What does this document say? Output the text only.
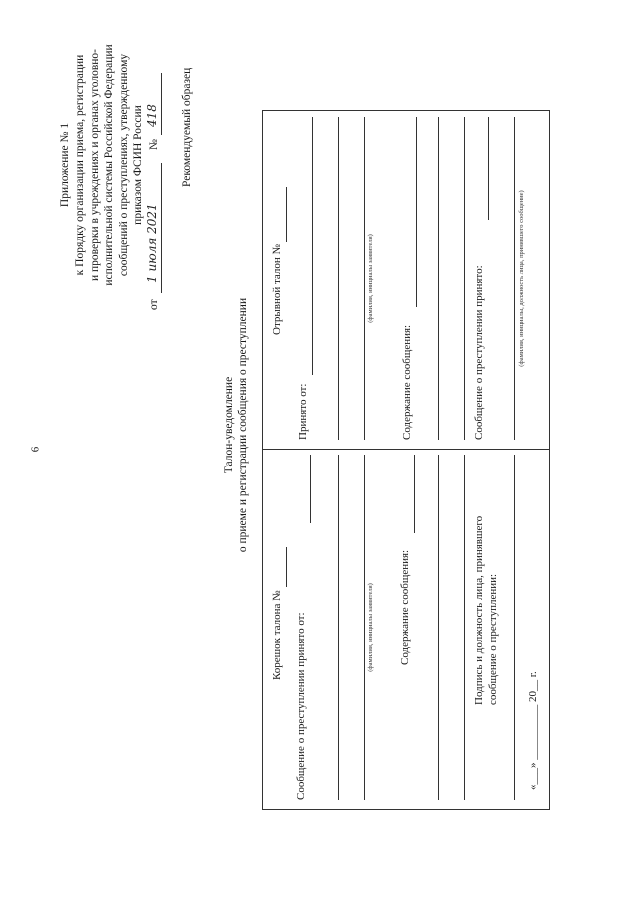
6
Приложение № 1 к Порядку организации приема, регистрации и проверки в учреждениях и органах уголовно- исполнительной системы Российской Федерации сообщений о преступлениях, утвержденному приказом ФСИН России
от
1 июля 2021
№
418 Рекомендуемый образец
Талон-уведомление о приеме и регистрации сообщения о преступлении
Корешок талона № Сообщение о преступлении принято от:	(фамилия, инициалы заявителя) Содержание сообщения:	Подпись и должность лица, принявшего сообщение о преступлении:
«___» __________ 20__ г.
Отрывной талон №
Принято от:
(фамилия, инициалы заявителя)
Содержание сообщения:	Сообщение о преступлении принято:	(фамилия, инициалы, должность лица, принявшего сообщение)
